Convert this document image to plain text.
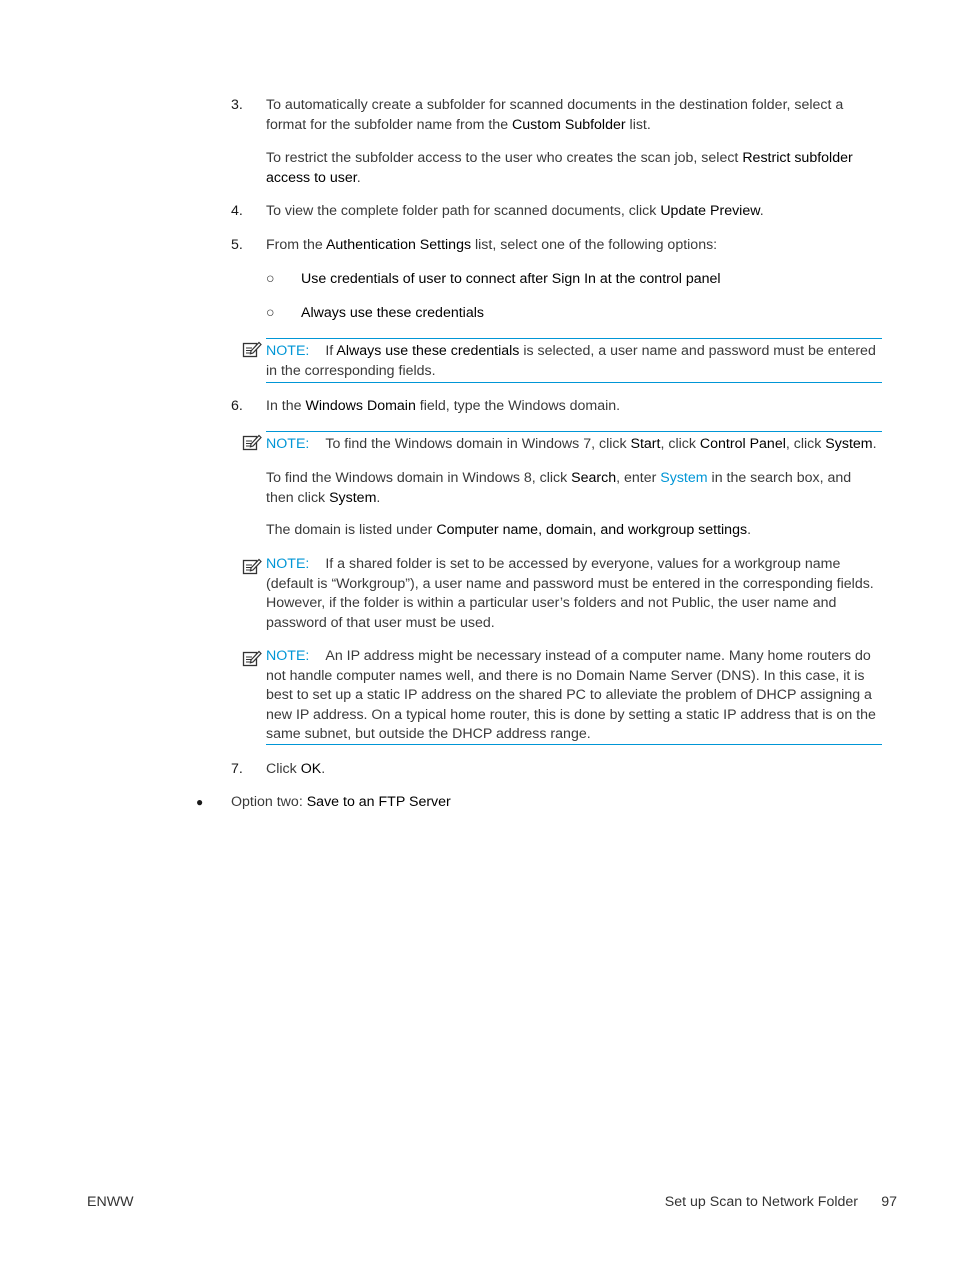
3. To automatically create a subfolder for scanned documents in the destination folder, select a format for the subfolder name from the Custom Subfolder list.
To restrict the subfolder access to the user who creates the scan job, select Restrict subfolder access to user.
4. To view the complete folder path for scanned documents, click Update Preview.
5. From the Authentication Settings list, select one of the following options:
○ Use credentials of user to connect after Sign In at the control panel
○ Always use these credentials
NOTE: If Always use these credentials is selected, a user name and password must be entered in the corresponding fields.
6. In the Windows Domain field, type the Windows domain.
NOTE: To find the Windows domain in Windows 7, click Start, click Control Panel, click System.
To find the Windows domain in Windows 8, click Search, enter System in the search box, and then click System.
The domain is listed under Computer name, domain, and workgroup settings.
NOTE: If a shared folder is set to be accessed by everyone, values for a workgroup name (default is “Workgroup”), a user name and password must be entered in the corresponding fields. However, if the folder is within a particular user’s folders and not Public, the user name and password of that user must be used.
NOTE: An IP address might be necessary instead of a computer name. Many home routers do not handle computer names well, and there is no Domain Name Server (DNS). In this case, it is best to set up a static IP address on the shared PC to alleviate the problem of DHCP assigning a new IP address. On a typical home router, this is done by setting a static IP address that is on the same subnet, but outside the DHCP address range.
7. Click OK.
● Option two: Save to an FTP Server
ENWW	Set up Scan to Network Folder 97
